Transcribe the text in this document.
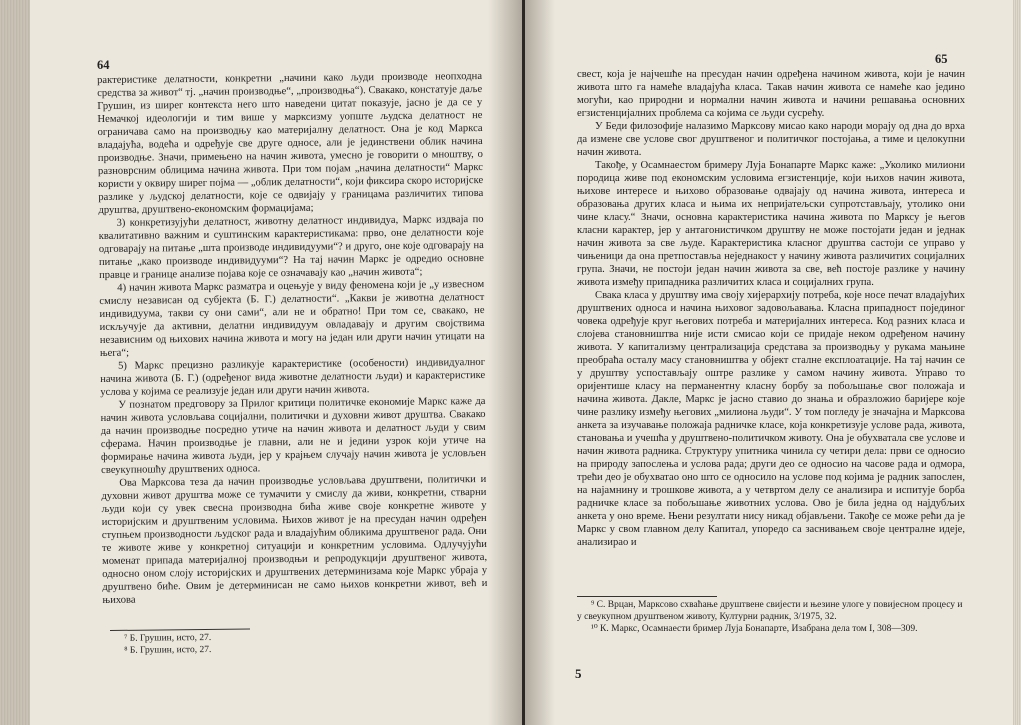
64

рактеристике делатности, конкретни „начини како људи производе неопходна средства за живот“ тј. „начин производње“, „производња“). Свакако, констатује даље Грушин, из ширег контекста него што наведени цитат показује, јасно је да се у Немачкој идеологији и тим више у марксизму уопште људска делатност не ограничава само на производњу као материјалну делатност. Она је код Маркса владајућа, водећа и одређује све друге односе, али је јединствени облик начина производње. Значи, примењено на начин живота, умесно је говорити о мноштву, о разноврсним облицима начина живота. При том појам „начина делатности“ Маркс користи у оквиру ширег појма — „облик делатности“, који фиксира скоро историјске разлике у људској делатности, које се одвијају у границама различитих типова друштва, друштвено-економским формацијама;

3) конкретизујући делатност, животну делатност индивидуа, Маркс издваја по квалитативно важним и суштинским карактеристикама: прво, оне делатности које одговарају на питање „шта производе индивидууми“? и друго, оне које одговарају на питање „како производе индивидууми“? На тај начин Маркс је одредио основне правце и границе анализе појава које се означавају као „начин живота“;

4) начин живота Маркс разматра и оцењује у виду феномена који је „у извесном смислу независан од субјекта (Б. Г.) делатности“. „Какви је животна делатност индивидуума, такви су они сами“, али не и обратно! При том се, свакако, не искључује да активни, делатни индивидуум овладавају и другим својствима независним од њихових начина живота и могу на један или други начин утицати на њега“;

5) Маркс прецизно разликује карактеристике (особености) индивидуалног начина живота (Б. Г.) (одређеног вида животне делатности људи) и карактеристике услова у којима се реализује један или други начин живота.

У познатом предговору за Прилог критици политичке економије Маркс каже да начин живота условљава социјални, политички и духовни живот друштва. Свакако да начин производње посредно утиче на начин живота и делатност људи у свим сферама. Начин производње је главни, али не и једини узрок који утиче на формирање начина живота људи, јер у крајњем случају начин живота је условљен свеукупношћу друштвених односа.

Ова Марксова теза да начин производње условљава друштвени, политички и духовни живот друштва може се тумачити у смислу да живи, конкретни, стварни људи који су увек свесна производна бића живе своје конкретне животе у историјским и друштвеним условима. Њихов живот је на пресудан начин одређен ступњем производности људског рада и владајућим обликима друштвеног рада. Они те животе живе у конкретној ситуацији и конкретним условима. Одлучујући моменат припада материјалној производњи и репродукцији друштвеног живота, односно оном слоју историјских и друштвених детерминизама које Маркс убраја у друштвено биће. Овим је детерминисан не само њихов конкретни живот, већ и њихова

⁷ Б. Грушин, исто, 27.

⁸ Б. Грушин, исто, 27.

65

свест, која је најчешће на пресудан начин одређена начином живота, који је начин живота што га намеће владајућа класа. Такав начин живота се намеће као једино могући, као природни и нормални начин живота и начини решавања основних егзистенцијалних проблема са којима се људи сусрећу.

У Беди филозофије налазимо Марксову мисао како народи морају од дна до врха да измене све услове свог друштвеног и политичког постојања, а тиме и целокупни начин живота.

Такође, у Осамнаестом бримеру Луја Бонапарте Маркс каже: „Уколико милиони породица живе под економским условима егзистенције, који њихов начин живота, њихове интересе и њихово образовање одвајају од начина живота, интереса и образовања других класа и њима их непријатељски супротстављају, утолико они чине класу.“ Значи, основна карактеристика начина живота по Марксу је његов класни карактер, јер у антагонистичком друштву не може постојати један и једнак начин живота за све људе. Карактеристика класног друштва састоји се управо у чињеници да она претпоставља неједнакост у начину живота различитих социјалних група. Значи, не постоји један начин живота за све, већ постоје разлике у начину живота између припадника различитих класа и социјалних група.

Свака класа у друштву има своју хијерархију потреба, које носе печат владајућих друштвених односа и начина њиховог задовољавања. Класна припадност појединог човека одређује круг његових потреба и материјалних интереса. Код разних класа и слојева становништва није исти смисао који се придаје неком одређеном начину живота. У капитализму централизација средстава за производњу у рукама мањине преобраћа осталу масу становништва у објект сталне експлоатације. На тај начин се у друштву успостављају оштре разлике у самом начину живота. Управо то оријентише класу на перманентну класну борбу за побољшање свог положаја и начина живота. Дакле, Маркс је јасно ставио до знања и образложио баријере које чине разлику између његових „милиона људи“. У том погледу је значајна и Марксова анкета за изучавање положаја радничке класе, која конкретизује услове рада, живота, становања и учешћа у друштвено-политичком животу. Она је обухватала све услове и начин живота радника. Структуру упитника чинила су четири дела: први се односио на природу запослења и услова рада; други део се односио на часове рада и одмора, трећи део је обухватао оно што се односило на услове под којима је радник запослен, на најамнину и трошкове живота, а у четвртом делу се анализира и испитује борба радничке класе за побољшање животних услова. Ово је била једна од најдубљих анкета у оно време. Њени резултати нису никад објављени. Такође се може рећи да је Маркс у свом главном делу Капитал, упоредо са заснивањем своје централне идеје, анализирао и

⁹ С. Врцан, Марксово схваћање друштвене свијести и њезине улоге у повијесном процесу и у свеукупном друштвеном животу, Културни радник, 3/1975, 32.

¹⁰ К. Маркс, Осамнаести бример Луја Бонапарте, Изабрана дела том I, 308—309.

5
